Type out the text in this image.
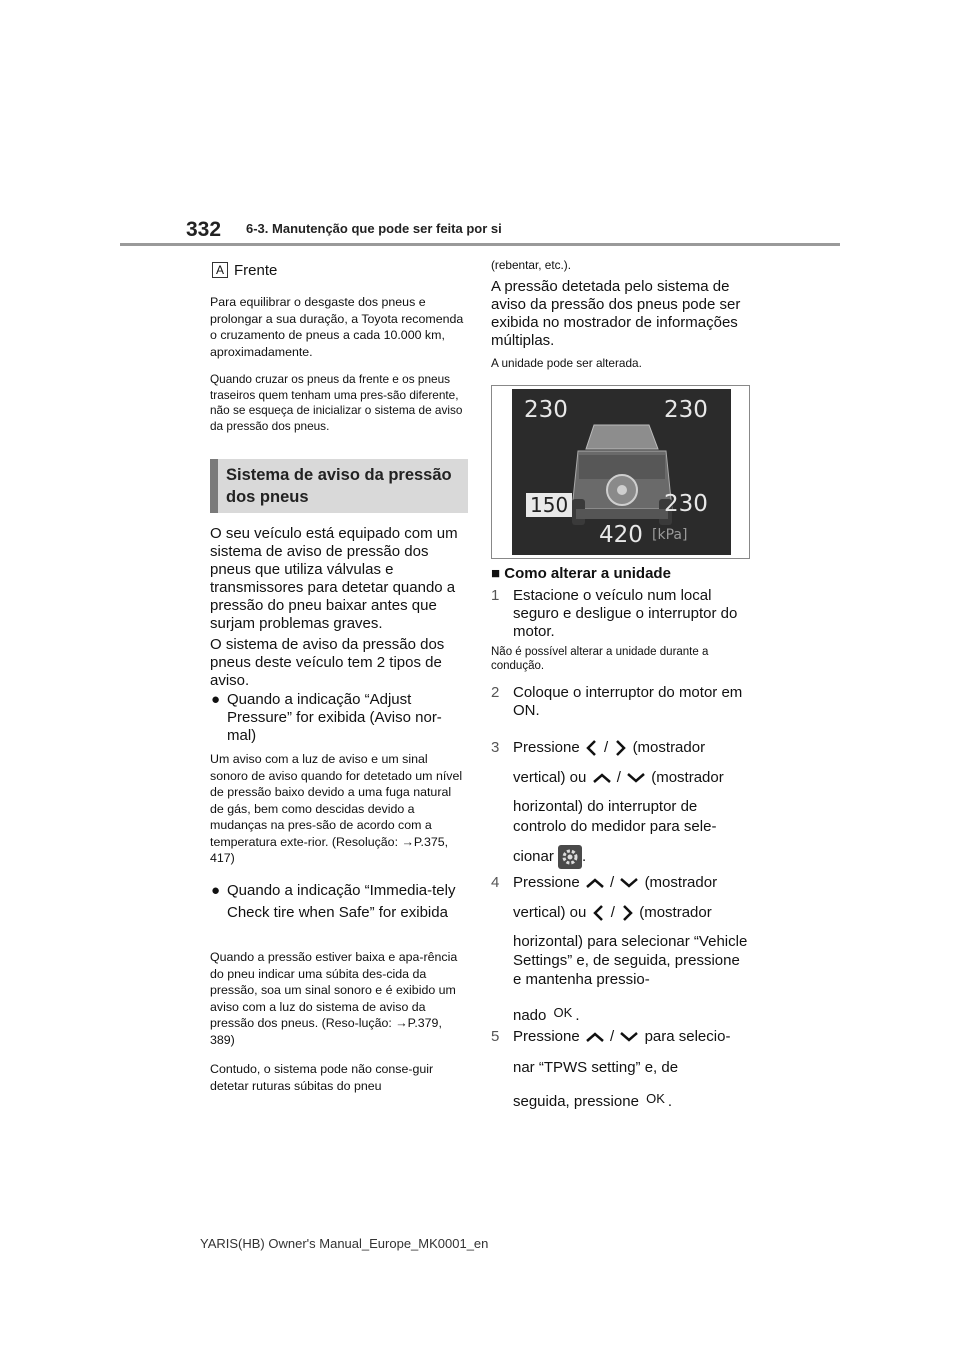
332 6-3. Manutenção que pode ser feita por si
A Frente
Para equilibrar o desgaste dos pneus e prolongar a sua duração, a Toyota recomenda o cruzamento de pneus a cada 10.000 km, aproximadamente.
Quando cruzar os pneus da frente e os pneus traseiros quem tenham uma pres-são diferente, não se esqueça de inicializar o sistema de aviso da pressão dos pneus.
Sistema de aviso da pressão
dos pneus
O seu veículo está equipado com um sistema de aviso de pressão dos pneus que utiliza válvulas e transmissores para detetar quando a pressão do pneu baixar antes que surjam problemas graves.
O sistema de aviso da pressão dos pneus deste veículo tem 2 tipos de aviso.
● Quando a indicação “Adjust Pressure” for exibida (Aviso nor-mal)
Um aviso com a luz de aviso e um sinal sonoro de aviso quando for detetado um nível de pressão baixo devido a uma fuga natural de gás, bem como descidas devido a mudanças na pres-são de acordo com a temperatura exte-rior. (Resolução: →P.375, 417)
● Quando a indicação “Immedia-tely Check tire when Safe” for exibida
Quando a pressão estiver baixa e apa-rência do pneu indicar uma súbita des-cida da pressão, soa um sinal sonoro e é exibido um aviso com a luz do sistema de aviso da pressão dos pneus. (Reso-lução: →P.379, 389)
Contudo, o sistema pode não conse-guir detetar ruturas súbitas do pneu
(rebentar, etc.).
A pressão detetada pelo sistema de aviso da pressão dos pneus pode ser exibida no mostrador de informações múltiplas.
A unidade pode ser alterada.
230	230
150	230
420 [kPa]
■ Como alterar a unidade
1 Estacione o veículo num local seguro e desligue o interruptor do motor.
Não é possível alterar a unidade durante a condução.
2 Coloque o interruptor do motor em ON.
3 Pressione / (mostrador
vertical) ou / (mostrador
horizontal) do interruptor de controlo do medidor para sele-
cionar .
4 Pressione / (mostrador
vertical) ou / (mostrador
horizontal) para selecionar “Vehicle Settings” e, de seguida, pressione e mantenha pressio-
nado OK .
5 Pressione / para selecio-
nar “TPWS setting” e, de
seguida, pressione OK .
YARIS(HB) Owner's Manual_Europe_MK0001_en
